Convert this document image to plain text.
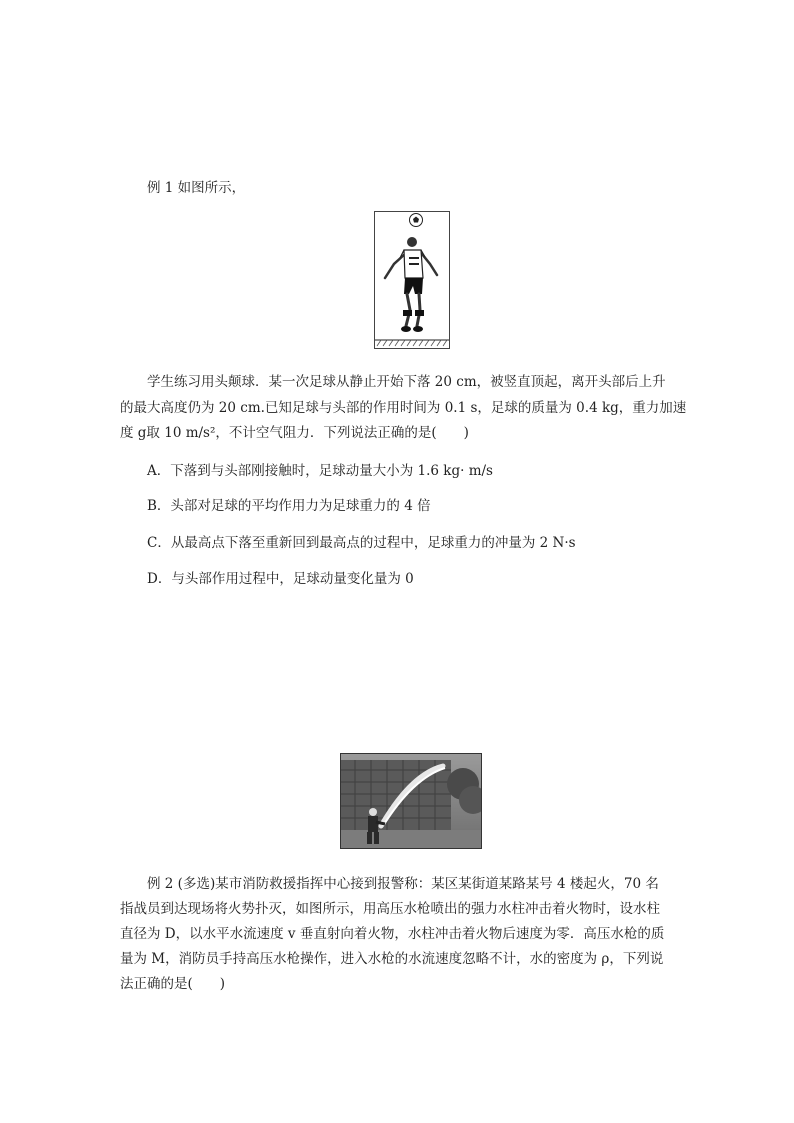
例 1 如图所示，
学生练习用头颠球．某一次足球从静止开始下落 20 cm，被竖直顶起，离开头部后上升
的最大高度仍为 20 cm.已知足球与头部的作用时间为 0.1 s，足球的质量为 0.4 kg，重力加速
度 g取 10 m/s²，不计空气阻力．下列说法正确的是(　　)
A．下落到与头部刚接触时，足球动量大小为 1.6 kg· m/s
B．头部对足球的平均作用力为足球重力的 4 倍
C．从最高点下落至重新回到最高点的过程中，足球重力的冲量为 2 N·s
D．与头部作用过程中，足球动量变化量为 0
例 2 (多选)某市消防救援指挥中心接到报警称：某区某街道某路某号 4 楼起火，70 名
指战员到达现场将火势扑灭，如图所示，用高压水枪喷出的强力水柱冲击着火物时，设水柱
直径为 D，以水平水流速度 v 垂直射向着火物，水柱冲击着火物后速度为零．高压水枪的质
量为 M，消防员手持高压水枪操作，进入水枪的水流速度忽略不计，水的密度为 ρ，下列说
法正确的是(　　)
